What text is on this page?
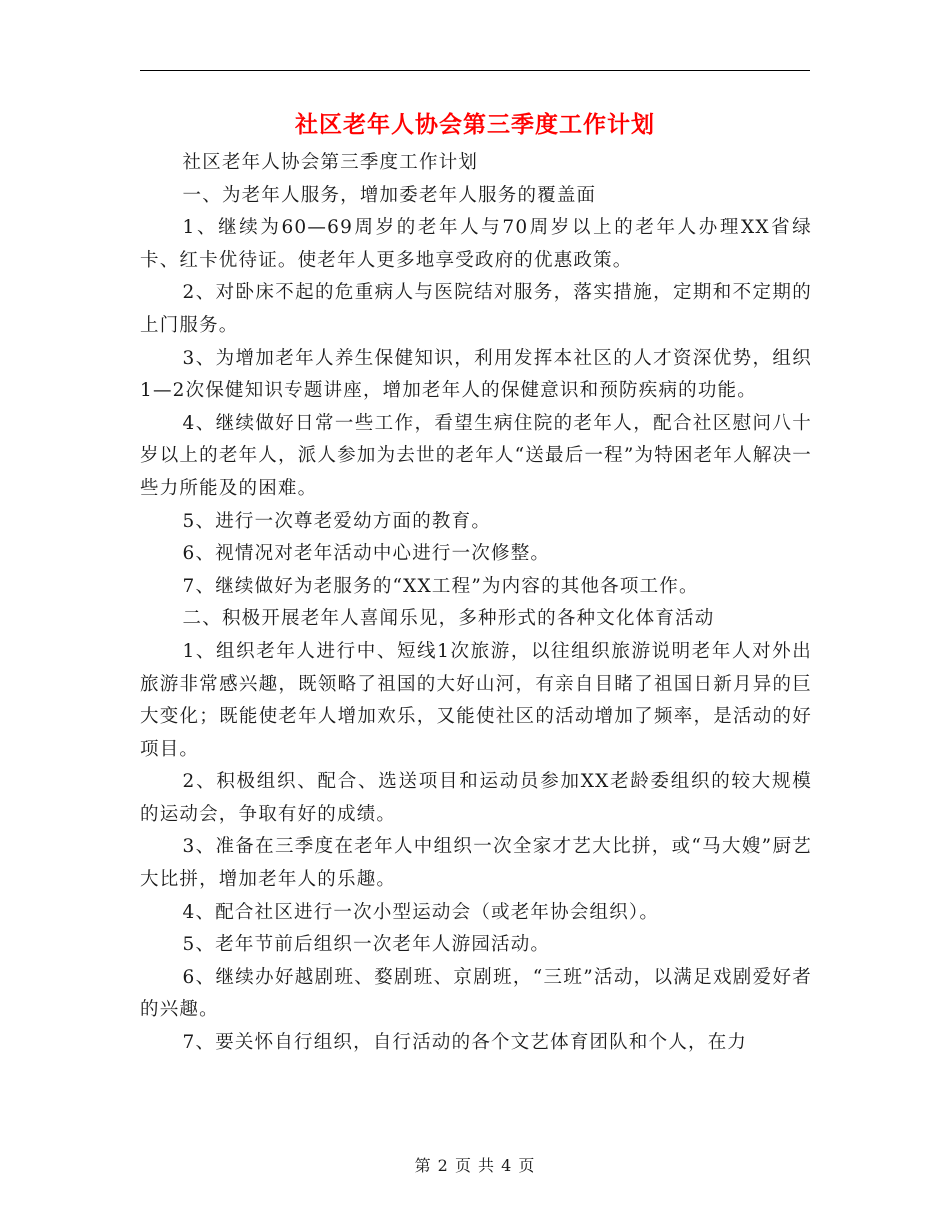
社区老年人协会第三季度工作计划

社区老年人协会第三季度工作计划

一、为老年人服务，增加委老年人服务的覆盖面

1、继续为60—69周岁的老年人与70周岁以上的老年人办理XX省绿卡、红卡优待证。使老年人更多地享受政府的优惠政策。

2、对卧床不起的危重病人与医院结对服务，落实措施，定期和不定期的上门服务。

3、为增加老年人养生保健知识，利用发挥本社区的人才资深优势，组织1—2次保健知识专题讲座，增加老年人的保健意识和预防疾病的功能。

4、继续做好日常一些工作，看望生病住院的老年人，配合社区慰问八十岁以上的老年人，派人参加为去世的老年人“送最后一程”为特困老年人解决一些力所能及的困难。

5、进行一次尊老爱幼方面的教育。

6、视情况对老年活动中心进行一次修整。

7、继续做好为老服务的“XX工程”为内容的其他各项工作。

二、积极开展老年人喜闻乐见，多种形式的各种文化体育活动

1、组织老年人进行中、短线1次旅游，以往组织旅游说明老年人对外出旅游非常感兴趣，既领略了祖国的大好山河，有亲自目睹了祖国日新月异的巨大变化；既能使老年人增加欢乐，又能使社区的活动增加了频率，是活动的好项目。

2、积极组织、配合、选送项目和运动员参加XX老龄委组织的较大规模的运动会，争取有好的成绩。

3、准备在三季度在老年人中组织一次全家才艺大比拼，或“马大嫂”厨艺大比拼，增加老年人的乐趣。

4、配合社区进行一次小型运动会（或老年协会组织）。

5、老年节前后组织一次老年人游园活动。

6、继续办好越剧班、婺剧班、京剧班，“三班”活动，以满足戏剧爱好者的兴趣。

7、要关怀自行组织，自行活动的各个文艺体育团队和个人，在力

第 2 页 共 4 页
